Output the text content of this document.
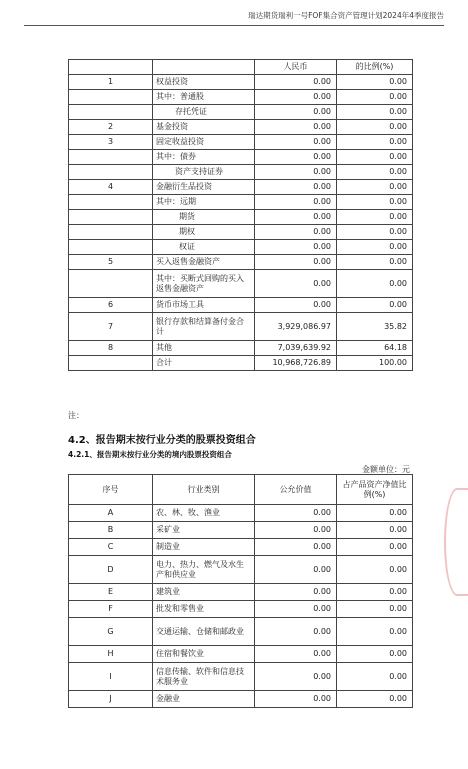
瑞达期货瑞利一号FOF集合资产管理计划2024年4季度报告
		人民币	的比例(%)
1	权益投资	0.00	0.00
	其中：普通股	0.00	0.00
	存托凭证	0.00	0.00
2	基金投资	0.00	0.00
3	固定收益投资	0.00	0.00
	其中：债券	0.00	0.00
	资产支持证券	0.00	0.00
4	金融衍生品投资	0.00	0.00
	其中：远期	0.00	0.00
	期货	0.00	0.00
	期权	0.00	0.00
	权证	0.00	0.00
5	买入返售金融资产	0.00	0.00
	其中：买断式回购的买入返售金融资产	0.00	0.00
6	货币市场工具	0.00	0.00
7	银行存款和结算备付金合计	3,929,086.97	35.82
8	其他	7,039,639.92	64.18
	合计	10,968,726.89	100.00
注：
4.2、报告期末按行业分类的股票投资组合
4.2.1、报告期末按行业分类的境内股票投资组合
金额单位：元
序号	行业类别	公允价值	占产品资产净值比例(%)
A	农、林、牧、渔业	0.00	0.00
B	采矿业	0.00	0.00
C	制造业	0.00	0.00
D	电力、热力、燃气及水生产和供应业	0.00	0.00
E	建筑业	0.00	0.00
F	批发和零售业	0.00	0.00
G	交通运输、仓储和邮政业	0.00	0.00
H	住宿和餐饮业	0.00	0.00
I	信息传输、软件和信息技术服务业	0.00	0.00
J	金融业	0.00	0.00
